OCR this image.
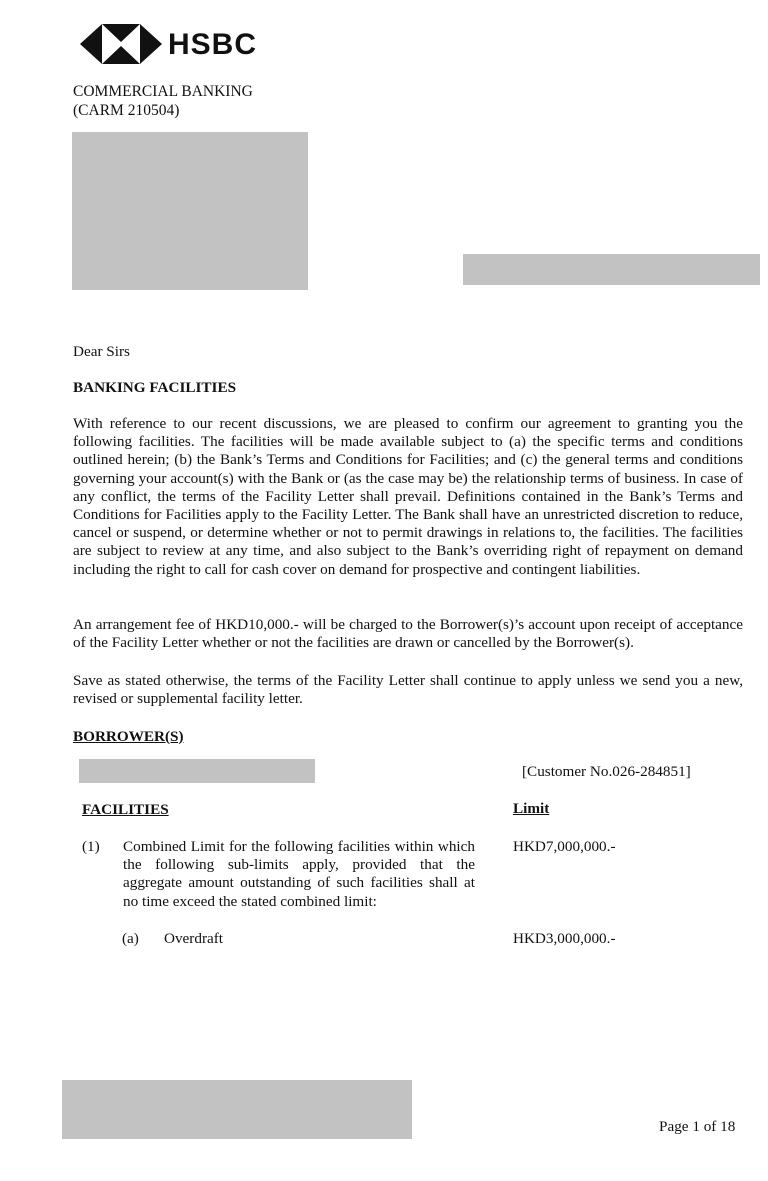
HSBC
COMMERCIAL BANKING
(CARM 210504)
Dear Sirs
BANKING FACILITIES
With reference to our recent discussions, we are pleased to confirm our agreement to granting you the following facilities. The facilities will be made available subject to (a) the specific terms and conditions outlined herein; (b) the Bank’s Terms and Conditions for Facilities; and (c) the general terms and conditions governing your account(s) with the Bank or (as the case may be) the relationship terms of business. In case of any conflict, the terms of the Facility Letter shall prevail. Definitions contained in the Bank’s Terms and Conditions for Facilities apply to the Facility Letter. The Bank shall have an unrestricted discretion to reduce, cancel or suspend, or determine whether or not to permit drawings in relations to, the facilities. The facilities are subject to review at any time, and also subject to the Bank’s overriding right of repayment on demand including the right to call for cash cover on demand for prospective and contingent liabilities.
An arrangement fee of HKD10,000.- will be charged to the Borrower(s)’s account upon receipt of acceptance of the Facility Letter whether or not the facilities are drawn or cancelled by the Borrower(s).
Save as stated otherwise, the terms of the Facility Letter shall continue to apply unless we send you a new, revised or supplemental facility letter.
BORROWER(S)
[Customer No.026-284851]
FACILITIES	Limit
(1) Combined Limit for the following facilities within which the following sub-limits apply, provided that the aggregate amount outstanding of such facilities shall at no time exceed the stated combined limit:
HKD7,000,000.-
(a) Overdraft	HKD3,000,000.-
Page 1 of 18
